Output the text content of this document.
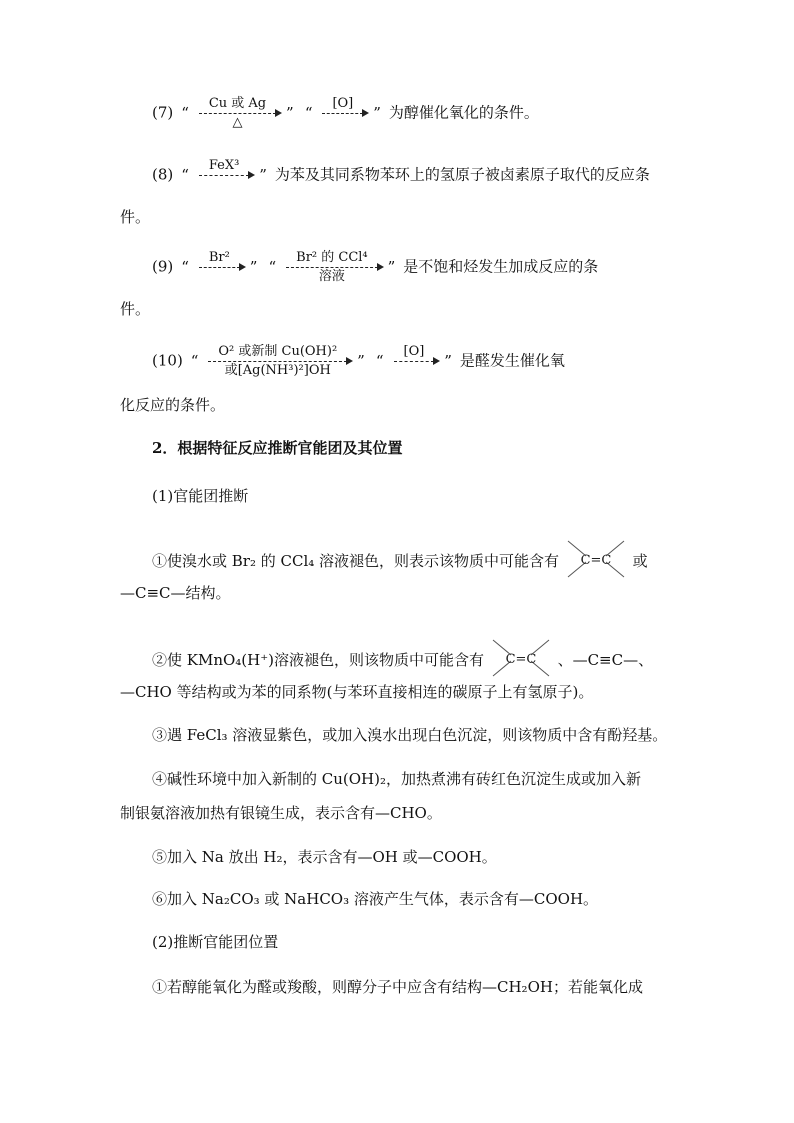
(7) “	Cu 或 Ag
△
” “	[O]	” 为醇催化氧化的条件。
(8) “	FeX³	” 为苯及其同系物苯环上的氢原子被卤素原子取代的反应条
件。
(9) “	Br²	” “	Br² 的 CCl⁴
溶液
” 是不饱和烃发生加成反应的条
件。
(10) “	O² 或新制 Cu(OH)²
或[Ag(NH³)²]OH
” “	[O]	” 是醛发生催化氧
化反应的条件。
2．根据特征反应推断官能团及其位置
(1)官能团推断
①使溴水或 Br₂ 的 CCl₄ 溶液褪色，则表示该物质中可能含有 C=C 或
—C≡C—结构。
②使 KMnO₄(H⁺)溶液褪色，则该物质中可能含有 C=C 、—C≡C—、
—CHO 等结构或为苯的同系物(与苯环直接相连的碳原子上有氢原子)。
③遇 FeCl₃ 溶液显紫色，或加入溴水出现白色沉淀，则该物质中含有酚羟基。
④碱性环境中加入新制的 Cu(OH)₂，加热煮沸有砖红色沉淀生成或加入新
制银氨溶液加热有银镜生成，表示含有—CHO。
⑤加入 Na 放出 H₂，表示含有—OH 或—COOH。
⑥加入 Na₂CO₃ 或 NaHCO₃ 溶液产生气体，表示含有—COOH。
(2)推断官能团位置
①若醇能氧化为醛或羧酸，则醇分子中应含有结构—CH₂OH；若能氧化成
